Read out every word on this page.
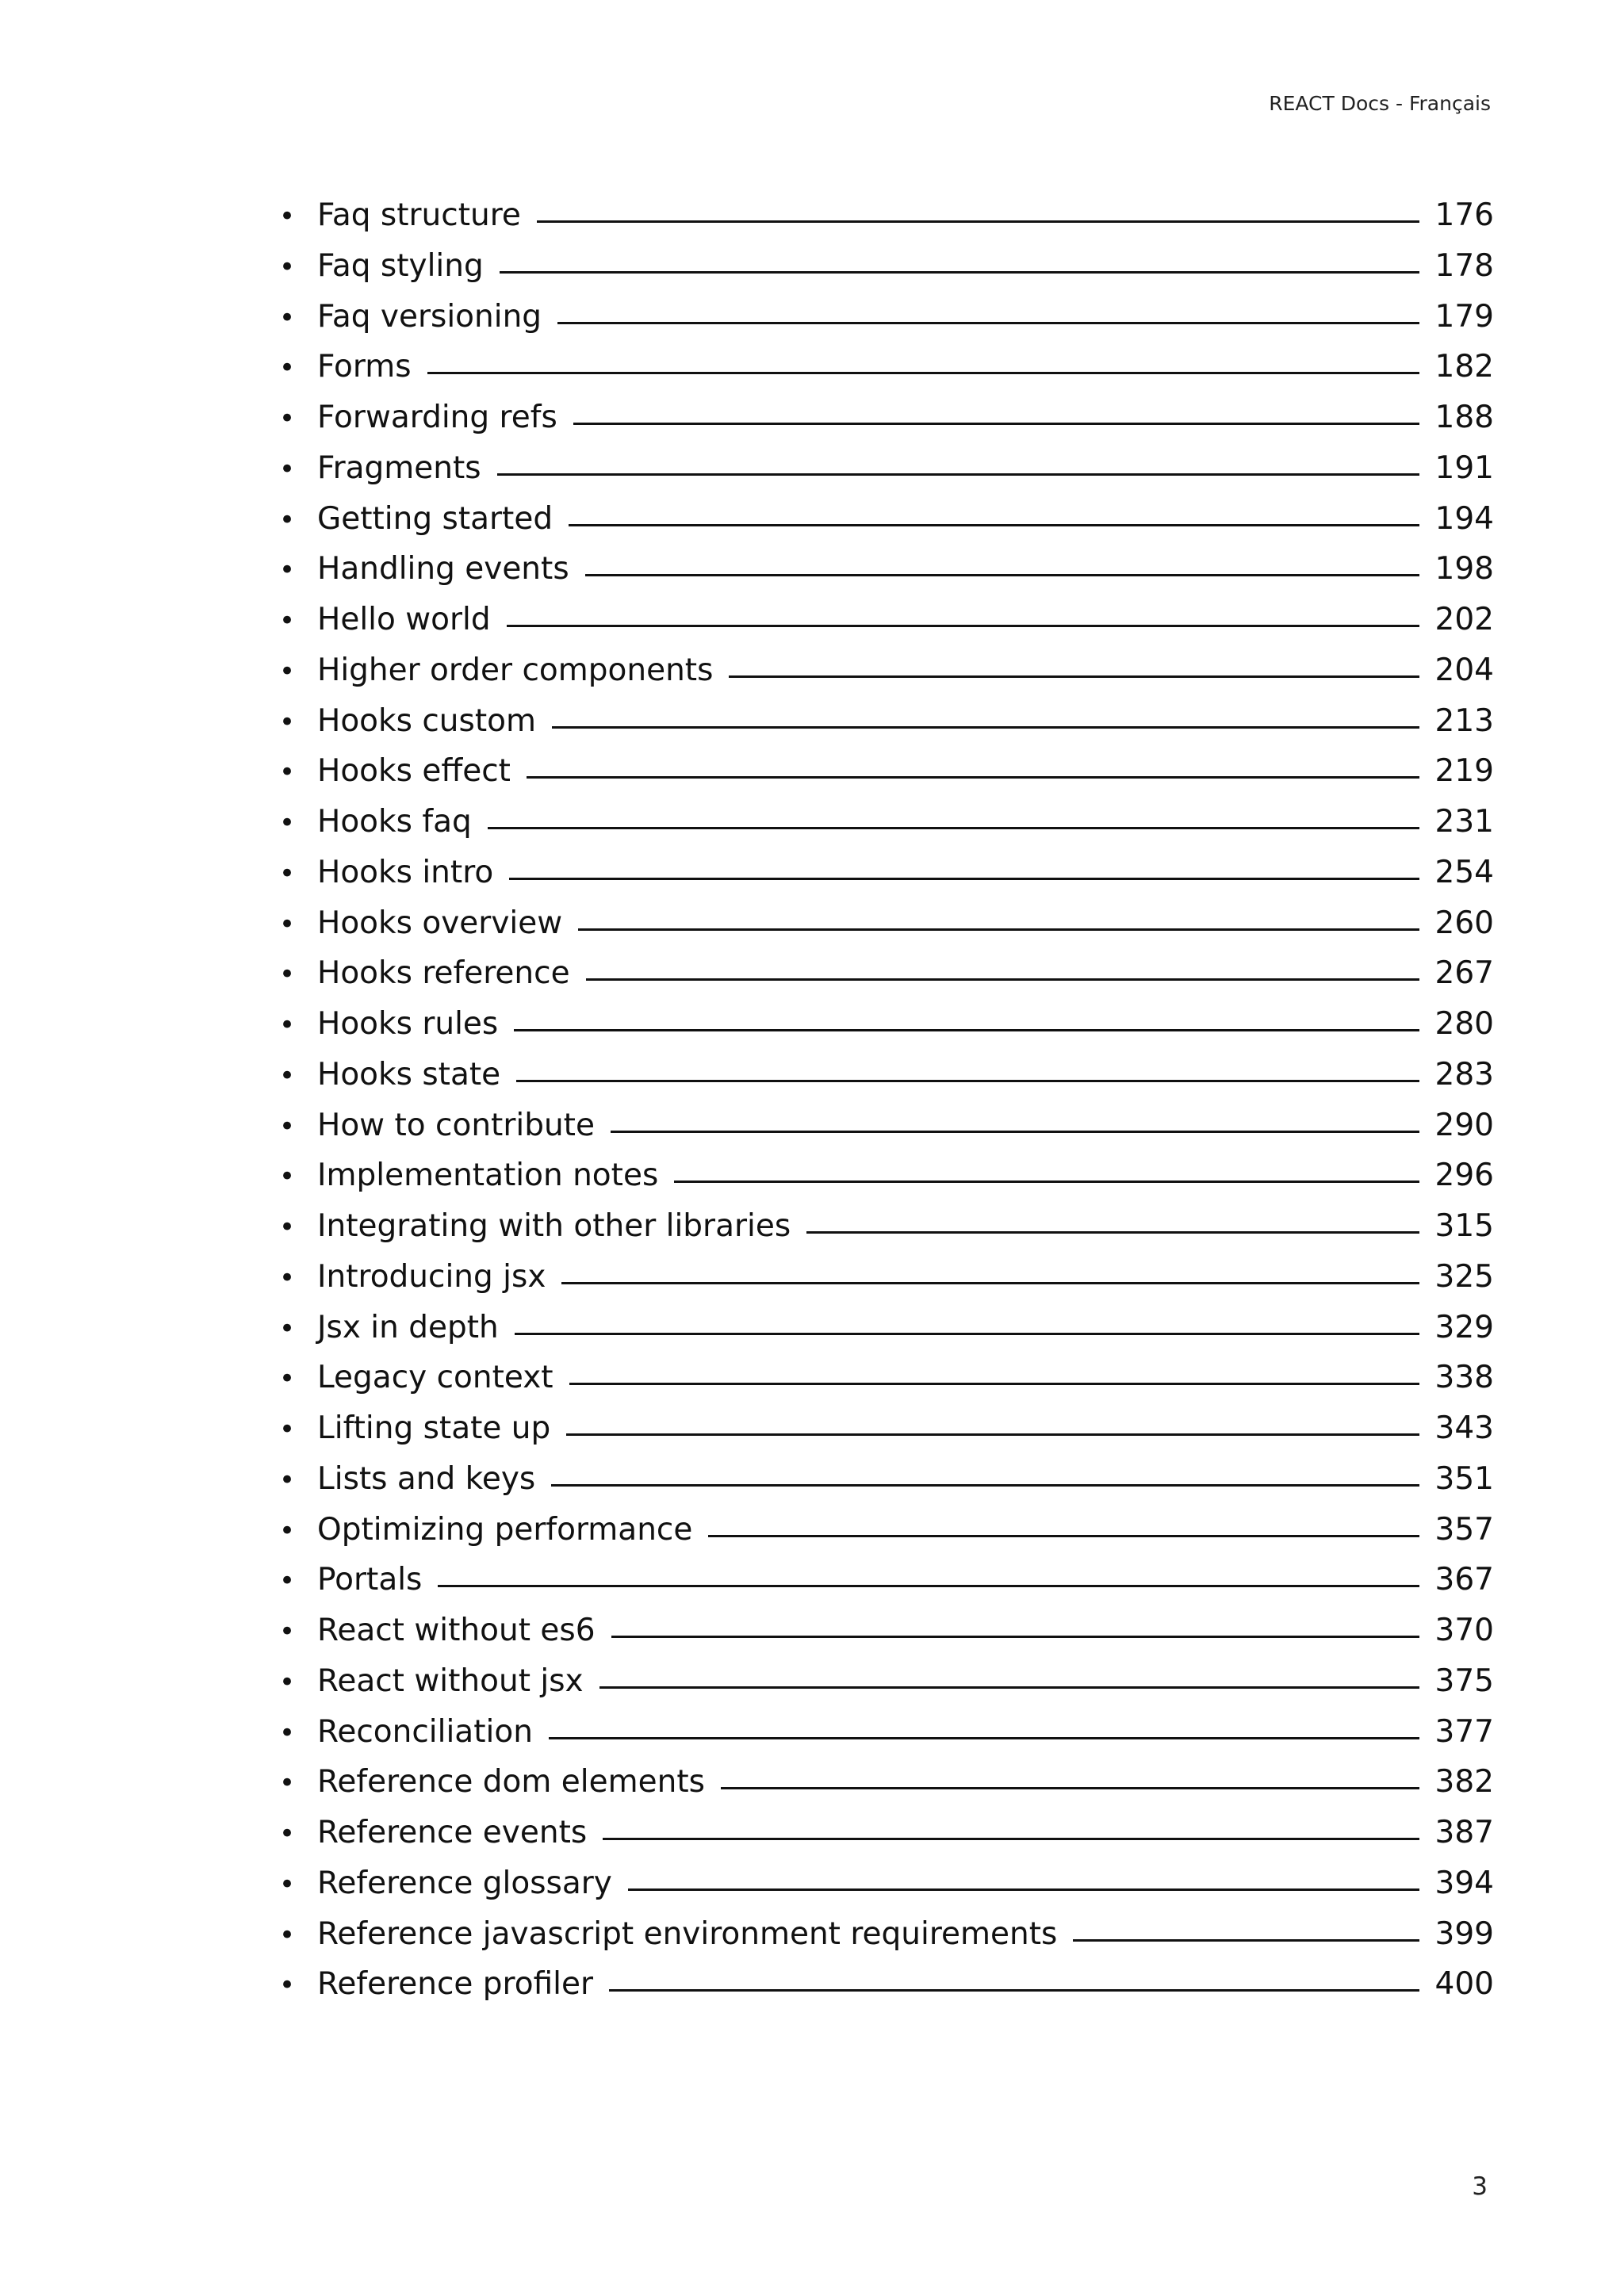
REACT Docs - Français
• Faq structure	176
• Faq styling	178
• Faq versioning	179
• Forms	182
• Forwarding refs	188
• Fragments	191
• Getting started	194
• Handling events	198
• Hello world	202
• Higher order components	204
• Hooks custom	213
• Hooks effect	219
• Hooks faq	231
• Hooks intro	254
• Hooks overview	260
• Hooks reference	267
• Hooks rules	280
• Hooks state	283
• How to contribute	290
• Implementation notes	296
• Integrating with other libraries	315
• Introducing jsx	325
• Jsx in depth	329
• Legacy context	338
• Lifting state up	343
• Lists and keys	351
• Optimizing performance	357
• Portals	367
• React without es6	370
• React without jsx	375
• Reconciliation	377
• Reference dom elements	382
• Reference events	387
• Reference glossary	394
• Reference javascript environment requirements	399
• Reference profiler	400
3
